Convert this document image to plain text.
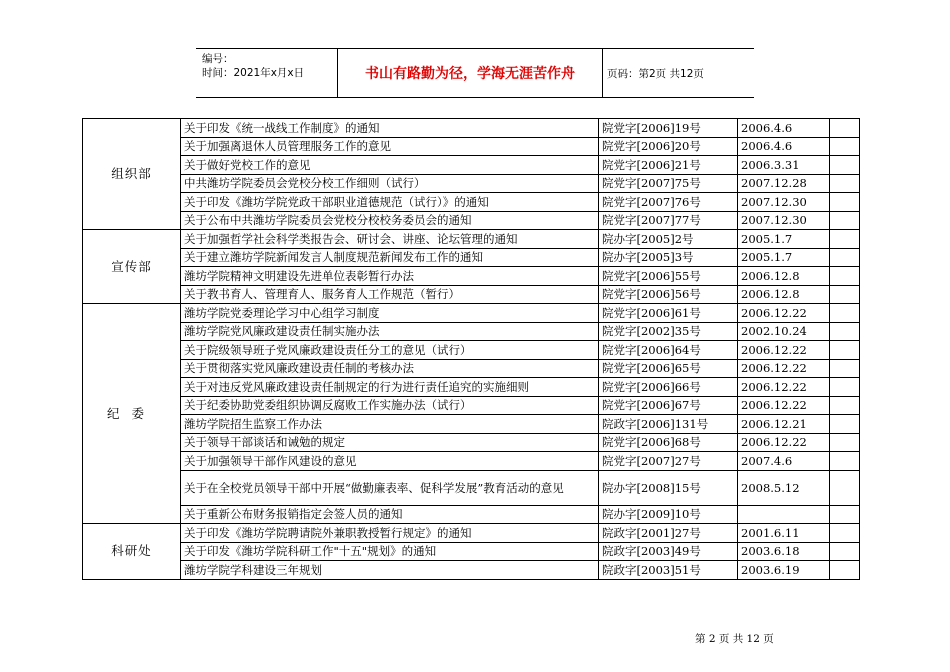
编号：
时间：2021年x月x日	书山有路勤为径，学海无涯苦作舟	页码：第2页 共12页
组织部	关于印发《统一战线工作制度》的通知	院党字[2006]19号	2006.4.6	
	关于加强离退休人员管理服务工作的意见	院党字[2006]20号	2006.4.6	
	关于做好党校工作的意见	院党字[2006]21号	2006.3.31	
	中共潍坊学院委员会党校分校工作细则（试行）	院党字[2007]75号	2007.12.28	
	关于印发《潍坊学院党政干部职业道德规范（试行）》的通知	院党字[2007]76号	2007.12.30	
	关于公布中共潍坊学院委员会党校分校校务委员会的通知	院党字[2007]77号	2007.12.30	
宣传部	关于加强哲学社会科学类报告会、研讨会、讲座、论坛管理的通知	院办字[2005]2号	2005.1.7	
	关于建立潍坊学院新闻发言人制度规范新闻发布工作的通知	院办字[2005]3号	2005.1.7	
	潍坊学院精神文明建设先进单位表彰暂行办法	院党字[2006]55号	2006.12.8	
	关于教书育人、管理育人、服务育人工作规范（暂行）	院党字[2006]56号	2006.12.8	
纪委	潍坊学院党委理论学习中心组学习制度	院党字[2006]61号	2006.12.22	
	潍坊学院党风廉政建设责任制实施办法	院党字[2002]35号	2002.10.24	
	关于院级领导班子党风廉政建设责任分工的意见（试行）	院党字[2006]64号	2006.12.22	
	关于贯彻落实党风廉政建设责任制的考核办法	院党字[2006]65号	2006.12.22	
	关于对违反党风廉政建设责任制规定的行为进行责任追究的实施细则	院党字[2006]66号	2006.12.22	
	关于纪委协助党委组织协调反腐败工作实施办法（试行）	院党字[2006]67号	2006.12.22	
	潍坊学院招生监察工作办法	院政字[2006]131号	2006.12.21	
	关于领导干部谈话和诫勉的规定	院党字[2006]68号	2006.12.22	
	关于加强领导干部作风建设的意见	院党字[2007]27号	2007.4.6	
	关于在全校党员领导干部中开展“做勤廉表率、促科学发展”教育活动的意见	院办字[2008]15号	2008.5.12	
	关于重新公布财务报销指定会签人员的通知	院办字[2009]10号		
科研处	关于印发《潍坊学院聘请院外兼职教授暂行规定》的通知	院政字[2001]27号	2001.6.11	
	关于印发《潍坊学院科研工作"十五"规划》的通知	院政字[2003]49号	2003.6.18	
	潍坊学院学科建设三年规划	院政字[2003]51号	2003.6.19	
第 2 页 共 12 页
